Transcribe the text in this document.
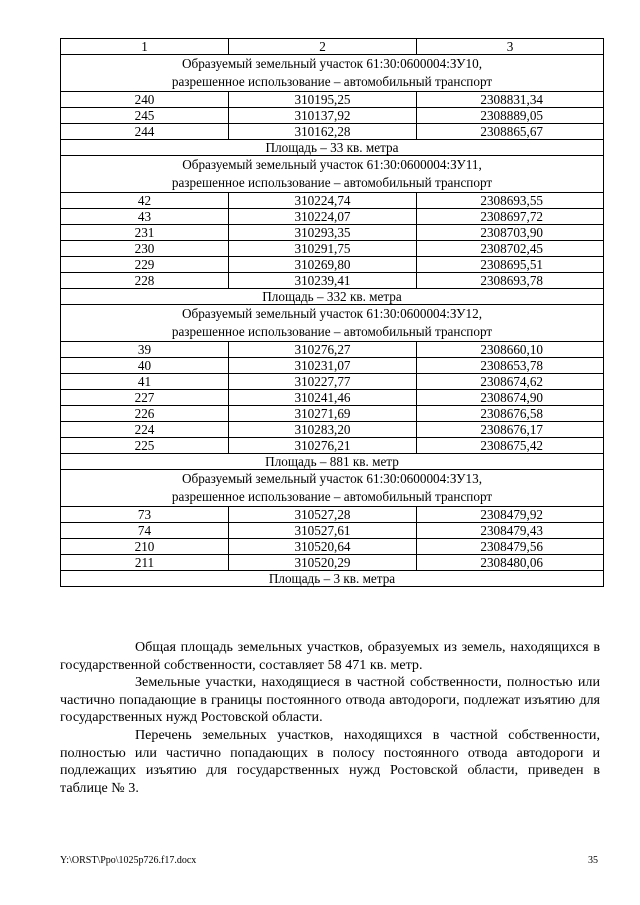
1	2	3

Образуемый земельный участок 61:30:0600004:ЗУ10,
разрешенное использование – автомобильный транспорт		

240	310195,25	2308831,34
245	310137,92	2308889,05
244	310162,28	2308865,67
Площадь – 33 кв. метра		

Образуемый земельный участок 61:30:0600004:ЗУ11,
разрешенное использование – автомобильный транспорт		

42	310224,74	2308693,55
43	310224,07	2308697,72
231	310293,35	2308703,90
230	310291,75	2308702,45
229	310269,80	2308695,51
228	310239,41	2308693,78
Площадь – 332 кв. метра		

Образуемый земельный участок 61:30:0600004:ЗУ12,
разрешенное использование – автомобильный транспорт		

39	310276,27	2308660,10
40	310231,07	2308653,78
41	310227,77	2308674,62
227	310241,46	2308674,90
226	310271,69	2308676,58
224	310283,20	2308676,17
225	310276,21	2308675,42
Площадь – 881 кв. метр		

Образуемый земельный участок 61:30:0600004:ЗУ13,
разрешенное использование – автомобильный транспорт		

73	310527,28	2308479,92
74	310527,61	2308479,43
210	310520,64	2308479,56
211	310520,29	2308480,06
Площадь – 3 кв. метра		

Общая площадь земельных участков, образуемых из земель, находящихся в государственной собственности, составляет 58 471 кв. метр.

Земельные участки, находящиеся в частной собственности, полностью или частично попадающие в границы постоянного отвода автодороги, подлежат изъятию для государственных нужд Ростовской области.

Перечень земельных участков, находящихся в частной собственности, полностью или частично попадающих в полосу постоянного отвода автодороги и подлежащих изъятию для государственных нужд Ростовской области, приведен в таблице № 3.

Y:\ORST\Ppo\1025p726.f17.docx	35
